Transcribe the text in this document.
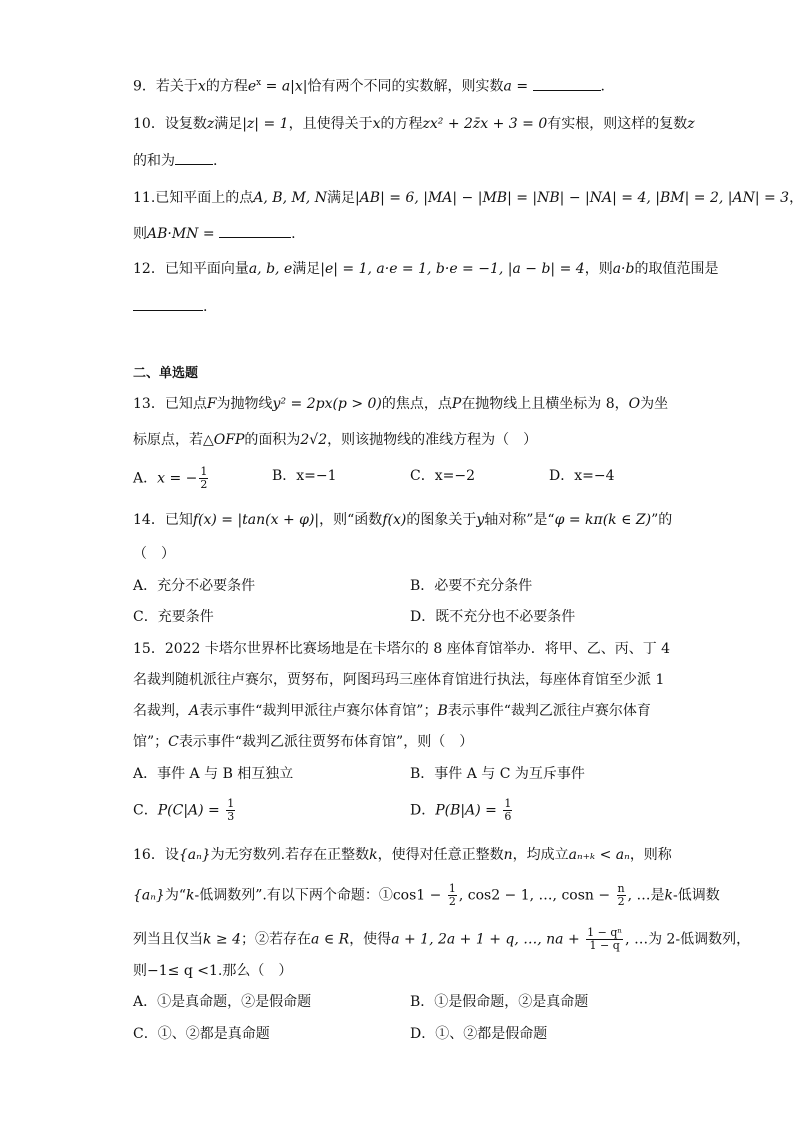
9．若关于x的方程$e^x = a|x|$恰有两个不同的实数解，则实数a =	.
10．设复数z满足|z| = 1，且使得关于x的方程zx² + 2z̄x + 3 = 0有实根，则这样的复数z
的和为	.
11.已知平面上的点A, B, M, N满足|AB| = 6, |MA| − |MB| = |NB| − |NA| = 4, |BM| = 2, |AN| = 3，
则AB·MN =	.
12．已知平面向量a, b, e满足|e| = 1, a·e = 1, b·e = −1, |a − b| = 4，则a·b的取值范围是
.
二、单选题
13．已知点F为抛物线y² = 2px(p > 0)的焦点，点P在抛物线上且横坐标为 8，O为坐
标原点，若△OFP的面积为2√2，则该抛物线的准线方程为（　）
A．x = − $\frac{1}{2}$	B．x=−1	C．x=−2	D．x=−4
14．已知f(x) = |tan(x + φ)|，则“函数f(x)的图象关于y轴对称”是“φ = kπ(k ∈ Z)”的
（　）
A．充分不必要条件	B．必要不充分条件
C．充要条件	D．既不充分也不必要条件
15．2022 卡塔尔世界杯比赛场地是在卡塔尔的 8 座体育馆举办．将甲、乙、丙、丁 4
名裁判随机派往卢赛尔，贾努布，阿图玛玛三座体育馆进行执法，每座体育馆至少派 1
名裁判，A表示事件“裁判甲派往卢赛尔体育馆”；B表示事件“裁判乙派往卢赛尔体育
馆”；C表示事件“裁判乙派往贾努布体育馆”，则（　）
A．事件 A 与 B 相互独立	B．事件 A 与 C 为互斥事件
C．$P(C|A) = \frac{1}{3}$	D．$P(B|A) = \frac{1}{6}$
16．设{aₙ}为无穷数列.若存在正整数k，使得对任意正整数n，均成立aₙ₊ₖ < aₙ，则称
{aₙ}为“k-低调数列”.有以下两个命题：①cos1 − $\frac{1}{2}$ , cos2 − 1, …, $\cos n - \frac{n}{2}$ , …是k-低调数
列当且仅当k ≥ 4；②若存在a ∈ R，使得a + 1, 2a + 1 + q, …, na + $\frac{\text{1 − qⁿ}}{1 - q}$ , …为 2-低调数列，
则−1≤ q <1.那么（　）
A．①是真命题，②是假命题	B．①是假命题，②是真命题
C．①、②都是真命题	D．①、②都是假命题
